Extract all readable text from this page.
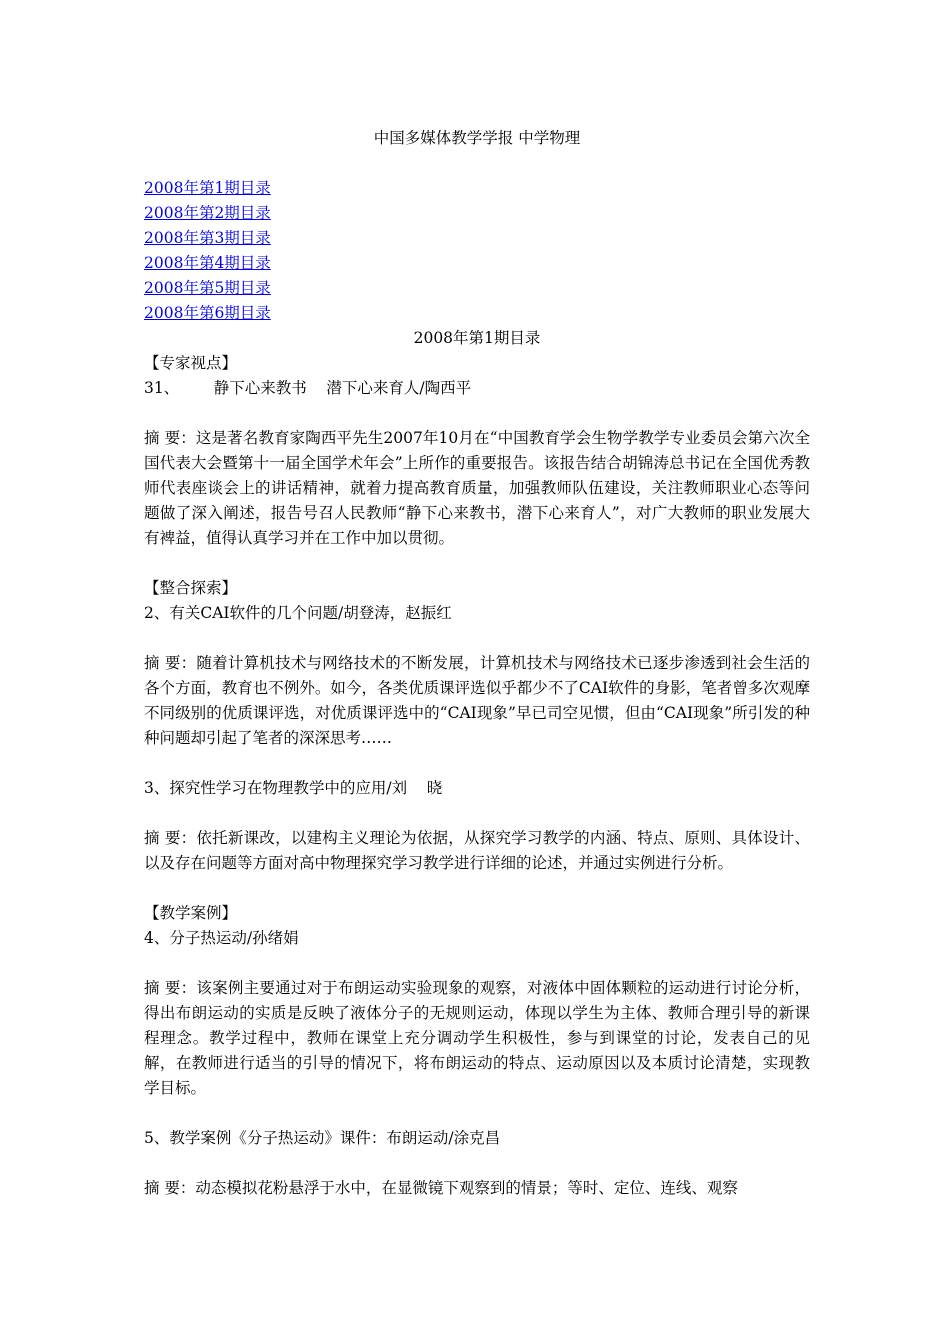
中国多媒体教学学报 中学物理
2008年第1期目录
2008年第2期目录
2008年第3期目录
2008年第4期目录
2008年第5期目录
2008年第6期目录
2008年第1期目录
【专家视点】
31、       静下心来教书    潜下心来育人/陶西平
摘 要：这是著名教育家陶西平先生2007年10月在“中国教育学会生物学教学专业委员会第六次全国代表大会暨第十一届全国学术年会”上所作的重要报告。该报告结合胡锦涛总书记在全国优秀教师代表座谈会上的讲话精神，就着力提高教育质量，加强教师队伍建设，关注教师职业心态等问题做了深入阐述，报告号召人民教师“静下心来教书，潜下心来育人”，对广大教师的职业发展大有裨益，值得认真学习并在工作中加以贯彻。
【整合探索】
2、有关CAI软件的几个问题/胡登涛，赵振红
摘 要：随着计算机技术与网络技术的不断发展，计算机技术与网络技术已逐步渗透到社会生活的各个方面，教育也不例外。如今，各类优质课评选似乎都少不了CAI软件的身影，笔者曾多次观摩不同级别的优质课评选，对优质课评选中的“CAI现象”早已司空见惯，但由“CAI现象”所引发的种种问题却引起了笔者的深深思考……
3、探究性学习在物理教学中的应用/刘    晓
摘 要：依托新课改，以建构主义理论为依据，从探究学习教学的内涵、特点、原则、具体设计、以及存在问题等方面对高中物理探究学习教学进行详细的论述，并通过实例进行分析。
【教学案例】
4、分子热运动/孙绪娟
摘 要：该案例主要通过对于布朗运动实验现象的观察，对液体中固体颗粒的运动进行讨论分析，得出布朗运动的实质是反映了液体分子的无规则运动，体现以学生为主体、教师合理引导的新课程理念。教学过程中，教师在课堂上充分调动学生积极性，参与到课堂的讨论，发表自己的见解，在教师进行适当的引导的情况下，将布朗运动的特点、运动原因以及本质讨论清楚，实现教学目标。
5、教学案例《分子热运动》课件：布朗运动/涂克昌
摘 要：动态模拟花粉悬浮于水中，在显微镜下观察到的情景；等时、定位、连线、观察
